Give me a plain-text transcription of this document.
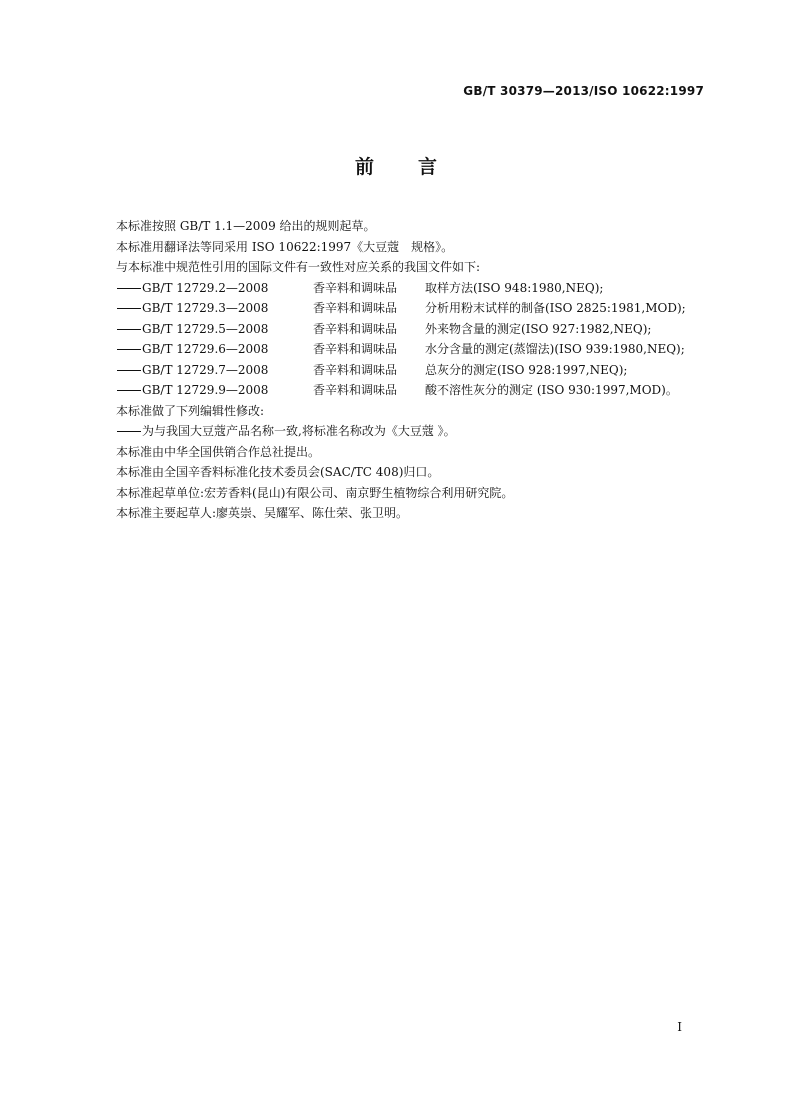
GB/T 30379—2013/ISO 10622:1997
前 言
本标准按照 GB/T 1.1—2009 给出的规则起草。
本标准用翻译法等同采用 ISO 10622:1997《大豆蔻　规格》。
与本标准中规范性引用的国际文件有一致性对应关系的我国文件如下:
GB/T 12729.2—2008	香辛料和调味品	取样方法(ISO 948:1980,NEQ);
GB/T 12729.3—2008	香辛料和调味品	分析用粉末试样的制备(ISO 2825:1981,MOD);
GB/T 12729.5—2008	香辛料和调味品	外来物含量的测定(ISO 927:1982,NEQ);
GB/T 12729.6—2008	香辛料和调味品	水分含量的测定(蒸馏法)(ISO 939:1980,NEQ);
GB/T 12729.7—2008	香辛料和调味品	总灰分的测定(ISO 928:1997,NEQ);
GB/T 12729.9—2008	香辛料和调味品	酸不溶性灰分的测定 (ISO 930:1997,MOD)。
本标准做了下列编辑性修改:
为与我国大豆蔻产品名称一致,将标准名称改为《大豆蔻 》。
本标准由中华全国供销合作总社提出。
本标准由全国辛香料标准化技术委员会(SAC/TC 408)归口。
本标准起草单位:宏芳香料(昆山)有限公司、南京野生植物综合利用研究院。
本标准主要起草人:廖英崇、吴耀军、陈仕荣、张卫明。
I
